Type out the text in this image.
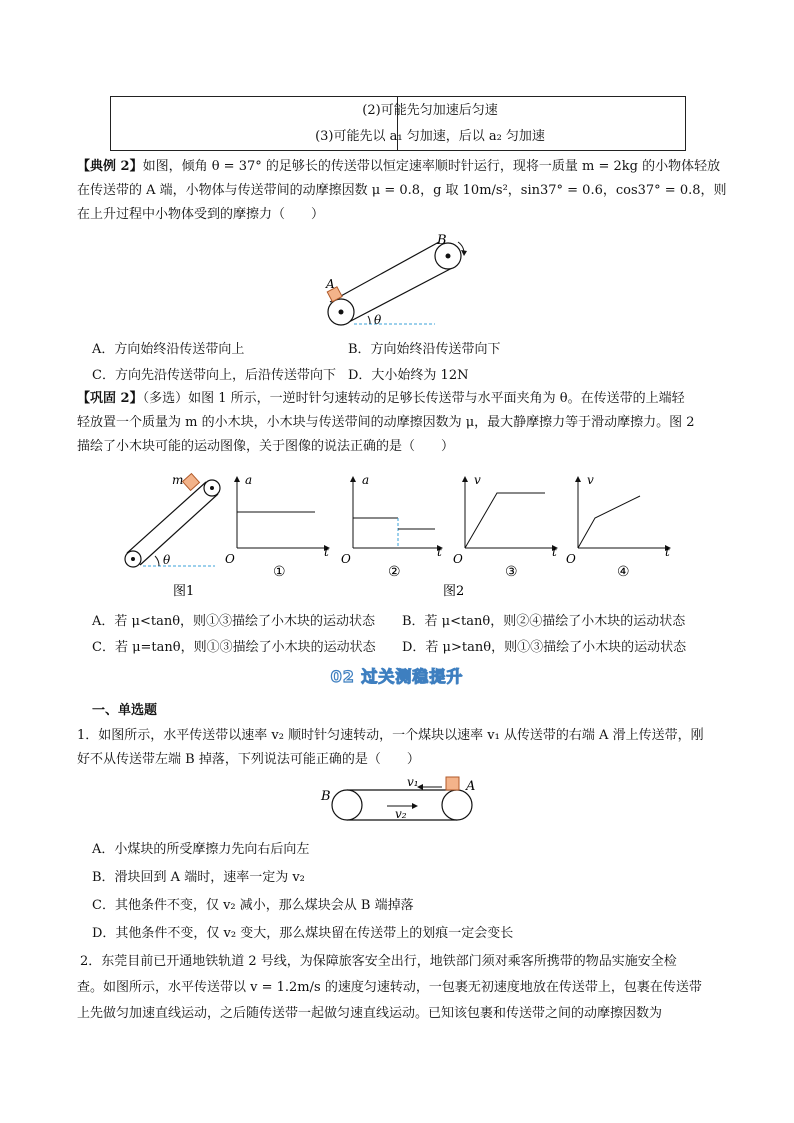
(2)可能先匀加速后匀速
(3)可能先以 a₁ 匀加速，后以 a₂ 匀加速
【典例 2】如图，倾角 θ = 37° 的足够长的传送带以恒定速率顺时针运行，现将一质量 m = 2kg 的小物体轻放
在传送带的 A 端，小物体与传送带间的动摩擦因数 μ = 0.8，g 取 10m/s²，sin37° = 0.6，cos37° = 0.8，则
在上升过程中小物体受到的摩擦力（　　）
A
B
θ
A．方向始终沿传送带向上	B．方向始终沿传送带向下
C．方向先沿传送带向上，后沿传送带向下 D．大小始终为 12N
【巩固 2】（多选）如图 1 所示，一逆时针匀速转动的足够长传送带与水平面夹角为 θ。在传送带的上端轻
轻放置一个质量为 m 的小木块，小木块与传送带间的动摩擦因数为 μ，最大静摩擦力等于滑动摩擦力。图 2
描绘了小木块可能的运动图像，关于图像的说法正确的是（　　）
m
θ
a
t
O
①
a
t
O
②
v
t
O
③
v
t
O
④
图1	图2
A．若 μ<tanθ，则①③描绘了小木块的运动状态 B．若 μ<tanθ，则②④描绘了小木块的运动状态
C．若 μ=tanθ，则①③描绘了小木块的运动状态 D．若 μ>tanθ，则①③描绘了小木块的运动状态
02 过关测稳提升
一、单选题
1．如图所示，水平传送带以速率 v₂ 顺时针匀速转动，一个煤块以速率 v₁ 从传送带的右端 A 滑上传送带，刚
好不从传送带左端 B 掉落，下列说法可能正确的是（　　）
B
A
v₁
v₂
A．小煤块的所受摩擦力先向右后向左
B．滑块回到 A 端时，速率一定为 v₂
C．其他条件不变，仅 v₂ 减小，那么煤块会从 B 端掉落
D．其他条件不变，仅 v₂ 变大，那么煤块留在传送带上的划痕一定会变长
2．东莞目前已开通地铁轨道 2 号线，为保障旅客安全出行，地铁部门须对乘客所携带的物品实施安全检
查。如图所示，水平传送带以 v = 1.2m/s 的速度匀速转动，一包裹无初速度地放在传送带上，包裹在传送带
上先做匀加速直线运动，之后随传送带一起做匀速直线运动。已知该包裹和传送带之间的动摩擦因数为
